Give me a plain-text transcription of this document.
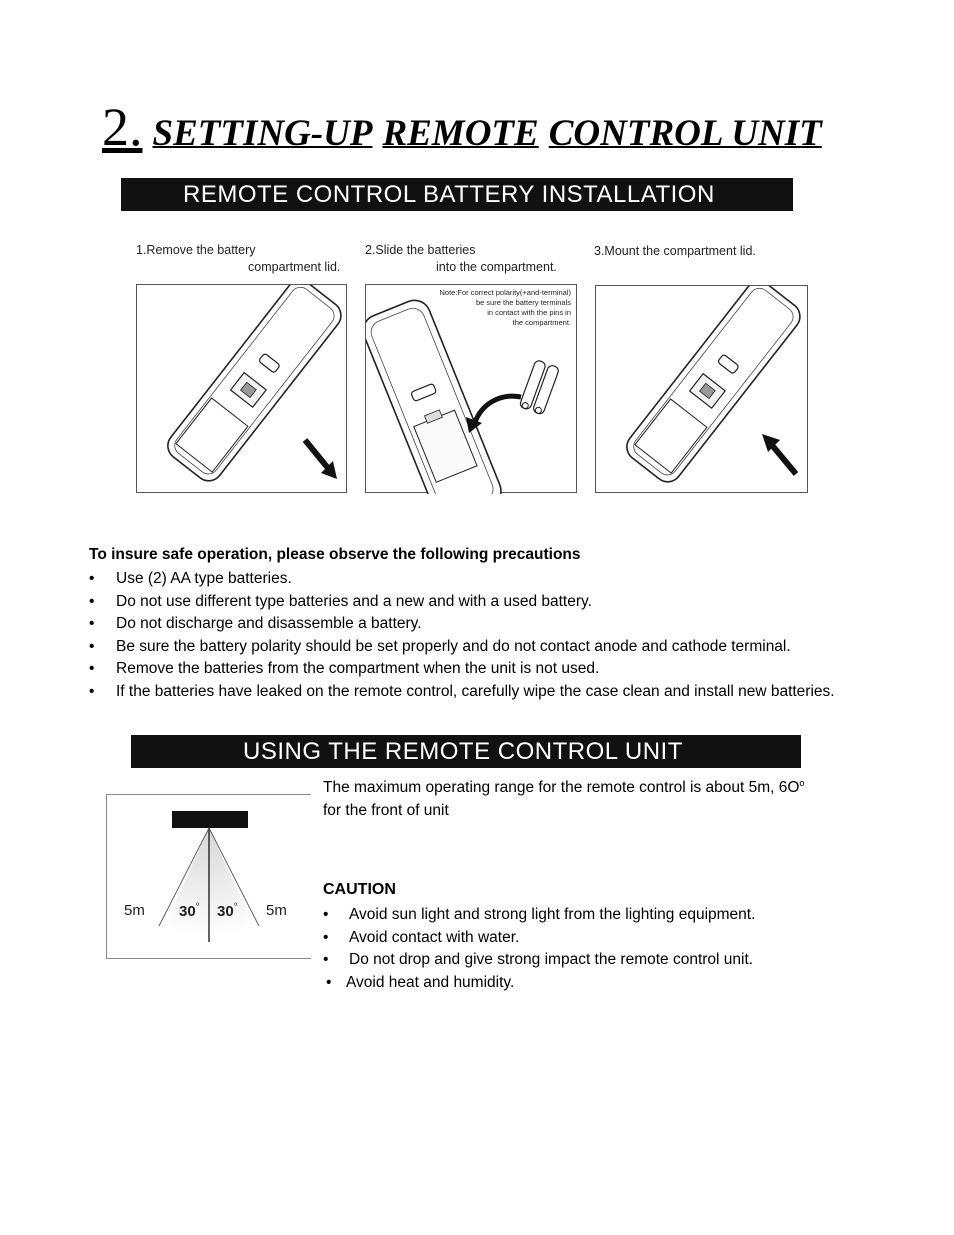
2. SETTING-UP REMOTE CONTROL UNIT
REMOTE CONTROL BATTERY INSTALLATION
1.Remove the battery
compartment lid.
2.Slide the batteries
into the compartment.
3.Mount the compartment lid.
Note:For correct polarity(+and-terminal)
be sure the battery terminals
in contact with the pins in
the compartment.
To insure safe operation, please observe the following precautions
• Use (2) AA type batteries.
• Do not use different type batteries and a new and with a used battery.
• Do not discharge and disassemble a battery.
• Be sure the battery polarity should be set properly and do not contact anode and cathode terminal.
• Remove the batteries from the compartment when the unit is not used.
• If the batteries have leaked on the remote control, carefully wipe the case clean and install new batteries.
USING THE REMOTE CONTROL UNIT
The maximum operating range for the remote control is about 5m, $6O^o$
for the front of unit
5m 30° 30° 5m
CAUTION
• Avoid sun light and strong light from the lighting equipment.
• Avoid contact with water.
• Do not drop and give strong impact the remote control unit.
• Avoid heat and humidity.
